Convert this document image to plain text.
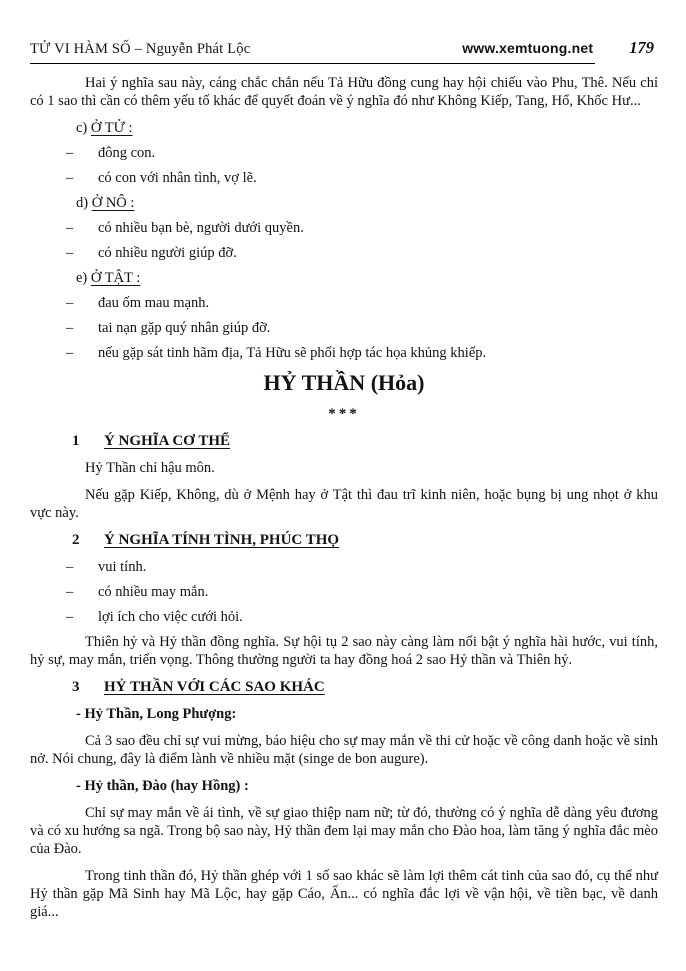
TỬ VI HÀM SỐ – Nguyễn Phát Lộc	www.xemtuong.net 179

Hai ý nghĩa sau này, cáng chắc chắn nếu Tả Hữu đồng cung hay hội chiếu vào Phu, Thê. Nếu chỉ có 1 sao thì cần có thêm yếu tố khác để quyết đoán về ý nghĩa đó như Không Kiếp, Tang, Hổ, Khốc Hư...

c) Ở TỬ :
–	đông con.
–	có con với nhân tình, vợ lẽ.
d) Ở NÔ :
–	có nhiều bạn bè, người dưới quyền.
–	có nhiều người giúp đỡ.
e) Ở TẬT :
–	đau ốm mau mạnh.
–	tai nạn gặp quý nhân giúp đỡ.
–	nếu gặp sát tinh hãm địa, Tả Hữu sẽ phối hợp tác họa khủng khiếp.
HỶ THẦN (Hỏa)
***
1 Ý NGHĨA CƠ THỂ

Hỷ Thần chỉ hậu môn.

Nếu gặp Kiếp, Không, dù ở Mệnh hay ở Tật thì đau trĩ kinh niên, hoặc bụng bị ung nhọt ở khu vực này.

2 Ý NGHĨA TÍNH TÌNH, PHÚC THỌ
–	vui tính.
–	có nhiều may mắn.
–	lợi ích cho việc cưới hỏi.

Thiên hỷ và Hỷ thần đồng nghĩa. Sự hội tụ 2 sao này càng làm nổi bật ý nghĩa hài hước, vui tính, hỷ sự, may mắn, triển vọng. Thông thường người ta hay đồng hoá 2 sao Hỷ thần và Thiên hỷ.

3 HỶ THẦN VỚI CÁC SAO KHÁC
- Hỷ Thần, Long Phượng:

Cả 3 sao đều chỉ sự vui mừng, báo hiệu cho sự may mắn về thi cử hoặc về công danh hoặc về sinh nở. Nói chung, đây là điểm lành về nhiều mặt (singe de bon augure).

- Hỷ thần, Đào (hay Hồng) :

Chỉ sự may mắn về ái tình, về sự giao thiệp nam nữ; từ đó, thường có ý nghĩa dễ dàng yêu đương và có xu hướng sa ngã. Trong bộ sao này, Hỷ thần đem lại may mắn cho Đào hoa, làm tăng ý nghĩa đắc mèo của Đào.

Trong tinh thần đó, Hỷ thần ghép với 1 số sao khác sẽ làm lợi thêm cát tinh của sao đó, cụ thể như Hỷ thần gặp Mã Sinh hay Mã Lộc, hay gặp Cáo, Ấn... có nghĩa đắc lợi về vận hội, về tiền bạc, về danh giá...
